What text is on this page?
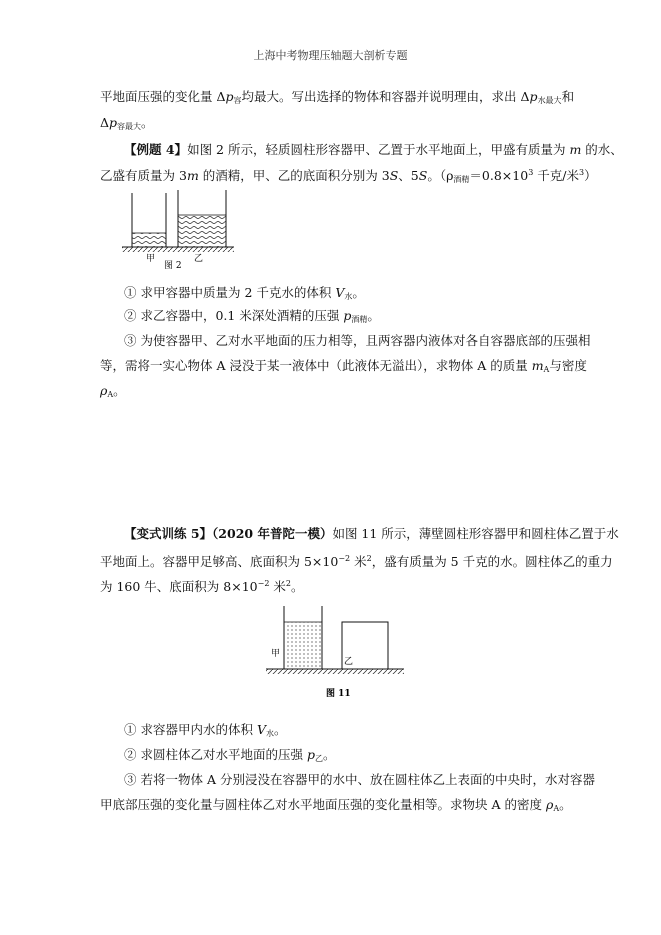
上海中考物理压轴题大剖析专题
平地面压强的变化量 $\Delta p_容$均最大。写出选择的物体和容器并说明理由，求出 $\Delta p_{水最大}$和
$\Delta p_{容最大}$。
【例题 4】如图 2 所示，轻质圆柱形容器甲、乙置于水平地面上，甲盛有质量为 m 的水、
乙盛有质量为 3m 的酒精，甲、乙的底面积分别为 3S、5S。（$\rho_{酒精}=0.8\times 10^3$ 千克/米$^3$）
甲	乙
图 2
① 求甲容器中质量为 2 千克水的体积 $V_水$。
② 求乙容器中，0.1 米深处酒精的压强 $p_{酒精}$。
③ 为使容器甲、乙对水平地面的压力相等，且两容器内液体对各自容器底部的压强相
等，需将一实心物体 A 浸没于某一液体中（此液体无溢出），求物体 A 的质量 $m_A$与密度
$\rho_A$。
【变式训练 5】（2020 年普陀一模）如图 11 所示，薄壁圆柱形容器甲和圆柱体乙置于水
平地面上。容器甲足够高、底面积为 $5\times 10^{-2}$ 米$^2$，盛有质量为 5 千克的水。圆柱体乙的重力
为 160 牛、底面积为 $8\times 10^{-2}$ 米$^2$。
甲
乙
图 11
① 求容器甲内水的体积 $V_水$。
② 求圆柱体乙对水平地面的压强 $p_乙$。
③ 若将一物体 A 分别浸没在容器甲的水中、放在圆柱体乙上表面的中央时，水对容器
甲底部压强的变化量与圆柱体乙对水平地面压强的变化量相等。求物块 A 的密度 $\rho_A$。
